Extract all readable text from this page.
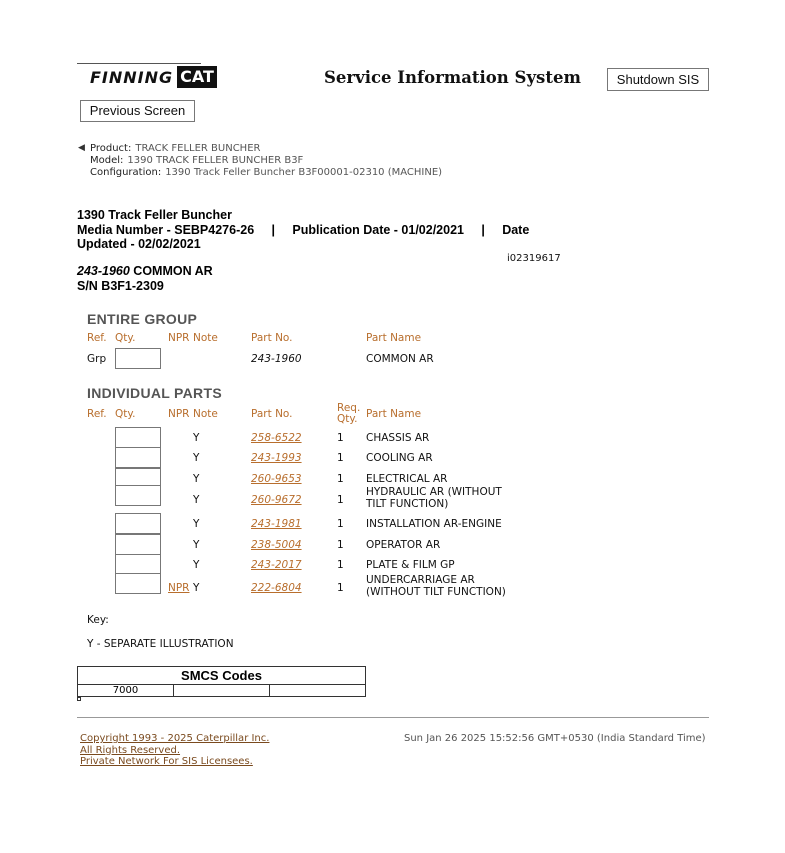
FINNING CAT	Service Information System	Shutdown SIS
Previous Screen
◀ Product: TRACK FELLER BUNCHER
Model: 1390 TRACK FELLER BUNCHER B3F
Configuration: 1390 Track Feller Buncher B3F00001-02310 (MACHINE)
1390 Track Feller Buncher
Media Number - SEBP4276-26     |     Publication Date - 01/02/2021     |     Date
Updated - 02/02/2021
i02319617
243-1960 COMMON AR
S/N B3F1-2309
ENTIRE GROUP
Ref. Qty.	NPR Note	Part No.	Part Name
Grp	243-1960	COMMON AR
INDIVIDUAL PARTS
Ref. Qty.	NPR Note	Part No.	Req.
Qty. Part Name
Y	258-6522	1 CHASSIS AR
Y	243-1993	1 COOLING AR
Y	260-9653	1 ELECTRICAL AR
Y	260-9672	1
HYDRAULIC AR (WITHOUT
TILT FUNCTION)
Y	243-1981	1 INSTALLATION AR-ENGINE
Y	238-5004	1 OPERATOR AR
Y	243-2017	1 PLATE & FILM GP
NPR Y	222-6804	1
UNDERCARRIAGE AR
(WITHOUT TILT FUNCTION)
Key:
Y - SEPARATE ILLUSTRATION
SMCS Codes
7000
Copyright 1993 - 2025 Caterpillar Inc.
All Rights Reserved.
Private Network For SIS Licensees.
Sun Jan 26 2025 15:52:56 GMT+0530 (India Standard Time)
